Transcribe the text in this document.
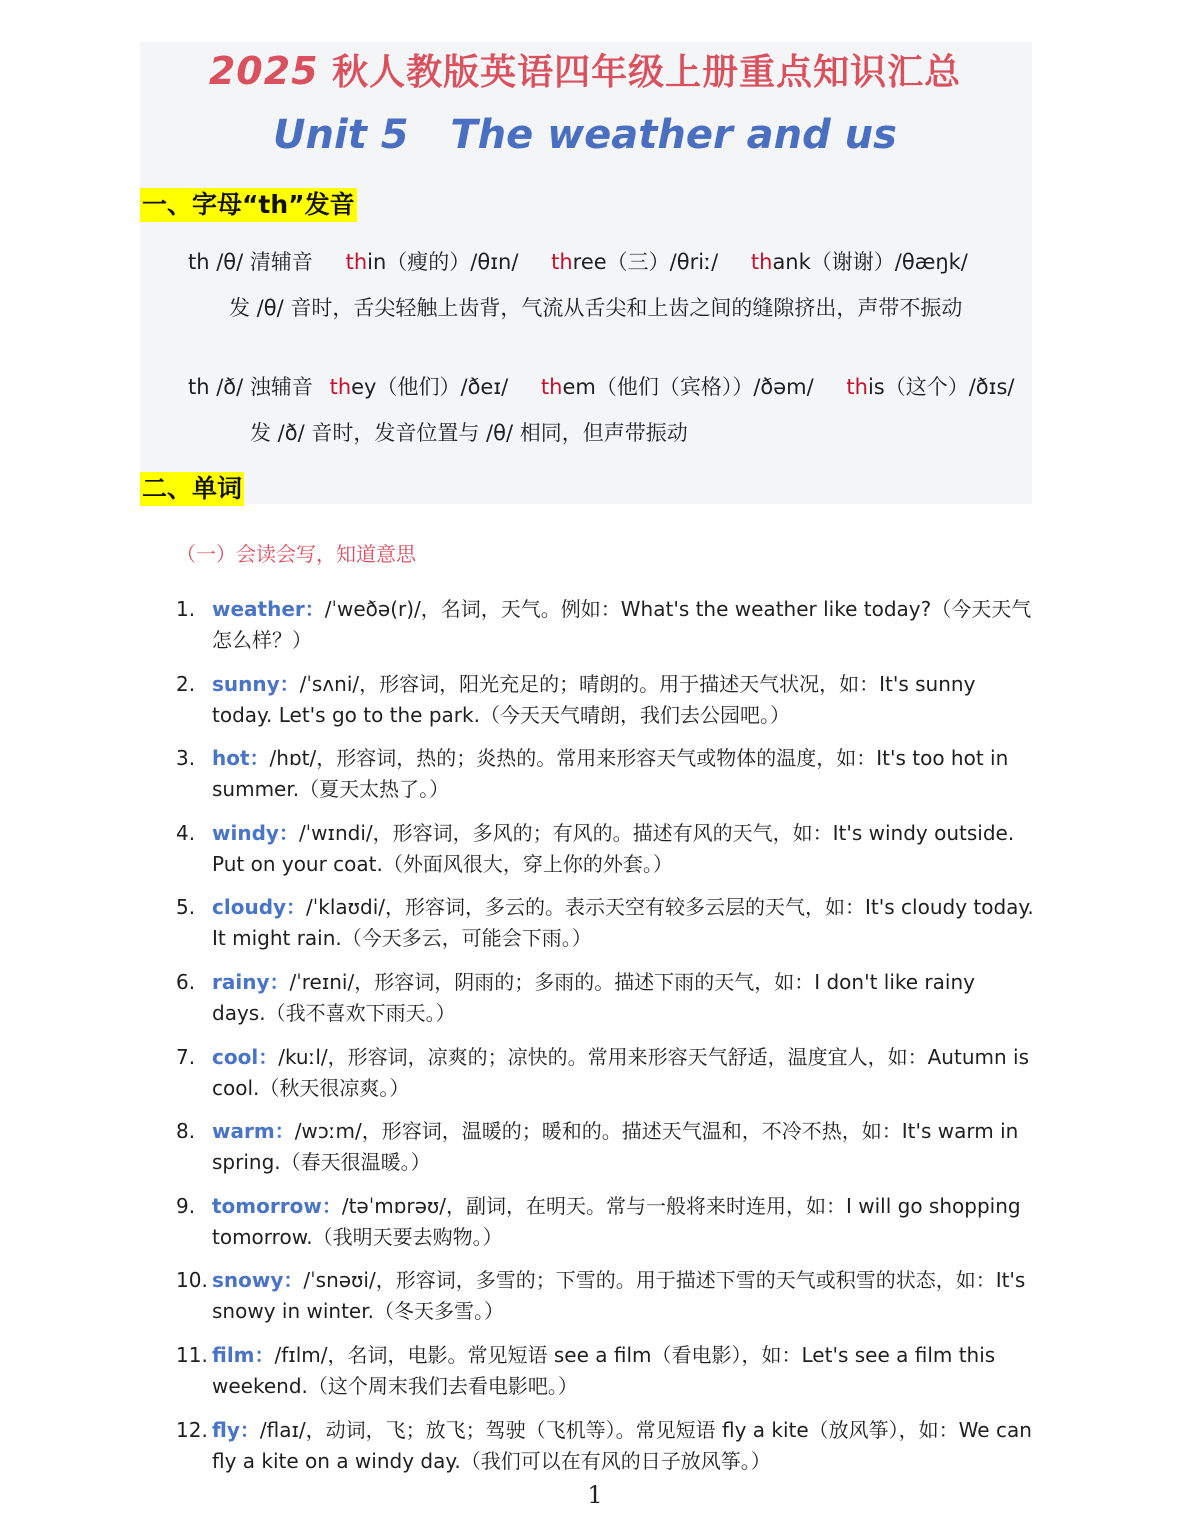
2025 秋人教版英语四年级上册重点知识汇总
Unit 5   The weather and us
一、字母“th”发音
th /θ/ 清辅音 thin（瘦的）/θɪn/ three（三）/θriː/ thank（谢谢）/θæŋk/
发 /θ/ 音时，舌尖轻触上齿背，气流从舌尖和上齿之间的缝隙挤出，声带不振动
th /ð/ 浊辅音 they（他们）/ðeɪ/ them（他们（宾格））/ðəm/ this（这个）/ðɪs/
发 /ð/ 音时，发音位置与 /θ/ 相同，但声带振动
二、单词
（一）会读会写，知道意思
1. weather：/ˈweðə(r)/，名词，天气。例如：What's the weather like today?（今天天气怎么样？）
2. sunny：/ˈsʌni/，形容词，阳光充足的；晴朗的。用于描述天气状况，如：It's sunny today. Let's go to the park.（今天天气晴朗，我们去公园吧。）
3. hot：/hɒt/，形容词，热的；炎热的。常用来形容天气或物体的温度，如：It's too hot in summer.（夏天太热了。）
4. windy：/ˈwɪndi/，形容词，多风的；有风的。描述有风的天气，如：It's windy outside. Put on your coat.（外面风很大，穿上你的外套。）
5. cloudy：/ˈklaʊdi/，形容词，多云的。表示天空有较多云层的天气，如：It's cloudy today. It might rain.（今天多云，可能会下雨。）
6. rainy：/ˈreɪni/，形容词，阴雨的；多雨的。描述下雨的天气，如：I don't like rainy days.（我不喜欢下雨天。）
7. cool：/kuːl/，形容词，凉爽的；凉快的。常用来形容天气舒适，温度宜人，如：Autumn is cool.（秋天很凉爽。）
8. warm：/wɔːm/，形容词，温暖的；暖和的。描述天气温和，不冷不热，如：It's warm in spring.（春天很温暖。）
9. tomorrow：/təˈmɒrəʊ/，副词，在明天。常与一般将来时连用，如：I will go shopping tomorrow.（我明天要去购物。）
10. snowy：/ˈsnəʊi/，形容词，多雪的；下雪的。用于描述下雪的天气或积雪的状态，如：It's snowy in winter.（冬天多雪。）
11. film：/fɪlm/，名词，电影。常见短语 see a film（看电影），如：Let's see a film this weekend.（这个周末我们去看电影吧。）
12. fly：/flaɪ/，动词，飞；放飞；驾驶（飞机等）。常见短语 fly a kite（放风筝），如：We can fly a kite on a windy day.（我们可以在有风的日子放风筝。）
1
